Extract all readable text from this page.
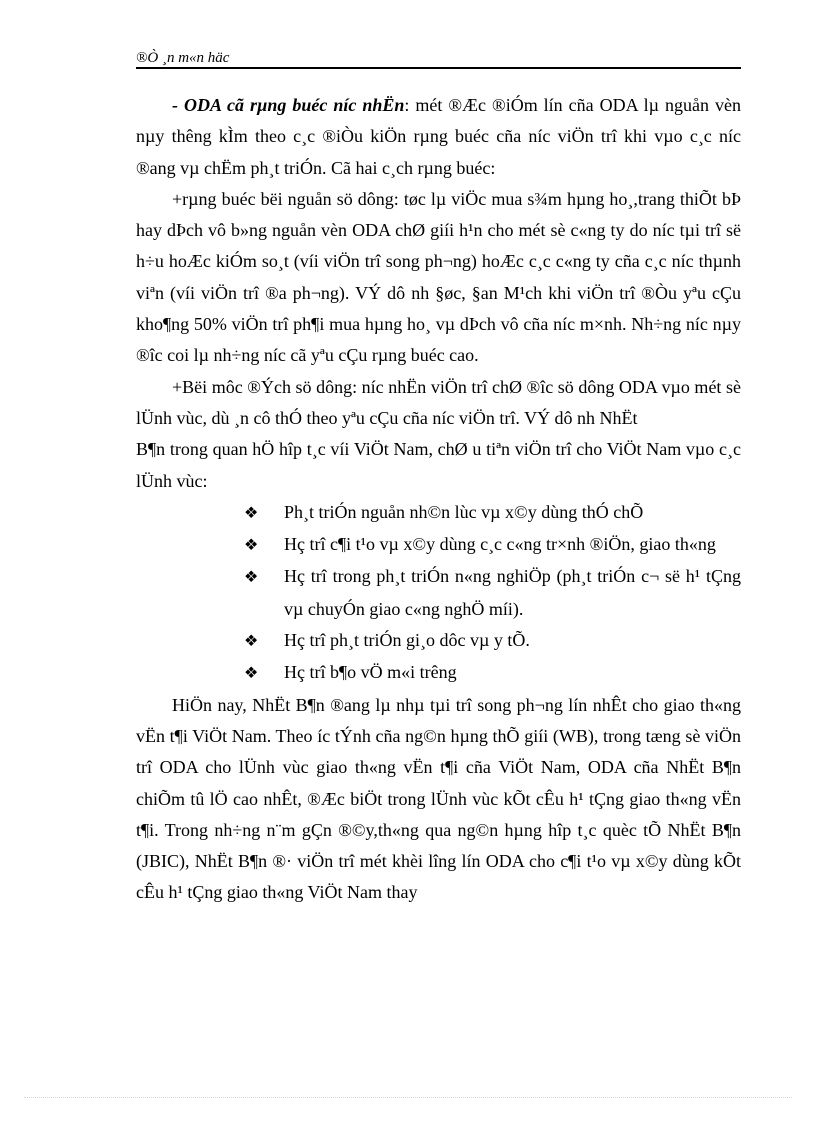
®Ò ¸n m«n häc

- ODA cã rµng buéc níc nhËn: mét ®Æc ®iÓm lín cña ODA lµ nguån vèn nµy thêng kÌm theo c¸c ®iÒu kiÖn rµng buéc cña níc viÖn trî khi vµo c¸c níc ®ang vµ chËm ph¸t triÓn. Cã hai c¸ch rµng buéc:

+rµng buéc bëi nguån sö dông: tøc lµ viÖc mua s¾m hµng ho¸,trang thiÕt bÞ hay dÞch vô b»ng nguån vèn ODA chØ giíi h¹n cho mét sè c«ng ty do níc tµi trî së h÷u hoÆc kiÓm so¸t (víi viÖn trî song ph¬ng) hoÆc c¸c c«ng ty cña c¸c níc thµnh viªn (víi viÖn trî ®a ph¬ng). VÝ dô nh §øc, §an M¹ch khi viÖn trî ®Òu yªu cÇu kho¶ng 50% viÖn trî ph¶i mua hµng ho¸ vµ dÞch vô cña níc m×nh. Nh÷ng níc nµy ®îc coi lµ nh÷ng níc cã yªu cÇu rµng buéc cao.

+Bëi môc ®Ých sö dông: níc nhËn viÖn trî chØ ®îc sö dông ODA vµo mét sè lÜnh vùc, dù ¸n cô thÓ theo yªu cÇu cña níc viÖn trî. VÝ dô nh NhËt

B¶n trong quan hÖ hîp t¸c víi ViÖt Nam, chØ u tiªn viÖn trî cho ViÖt Nam vµo c¸c lÜnh vùc:

❖ Ph¸t triÓn nguån nh©n lùc vµ x©y dùng thÓ chÕ
❖ Hç trî c¶i t¹o vµ x©y dùng c¸c c«ng tr×nh ®iÖn, giao th«ng
❖ Hç trî trong ph¸t triÓn n«ng nghiÖp (ph¸t triÓn c¬ së h¹ tÇng vµ chuyÓn giao c«ng nghÖ míi).
❖ Hç trî ph¸t triÓn gi¸o dôc vµ y tÕ.
❖ Hç trî b¶o vÖ m«i trêng

HiÖn nay, NhËt B¶n ®ang lµ nhµ tµi trî song ph¬ng lín nhÊt cho giao th«ng vËn t¶i ViÖt Nam. Theo íc tÝnh cña ng©n hµng thÕ giíi (WB), trong tæng sè viÖn trî ODA cho lÜnh vùc giao th«ng vËn t¶i cña ViÖt Nam, ODA cña NhËt B¶n chiÕm tû lÖ cao nhÊt, ®Æc biÖt trong lÜnh vùc kÕt cÊu h¹ tÇng giao th«ng vËn t¶i. Trong nh÷ng n¨m gÇn ®©y,th«ng qua ng©n hµng hîp t¸c quèc tÕ NhËt B¶n (JBIC), NhËt B¶n ®· viÖn trî mét khèi lîng lín ODA cho c¶i t¹o vµ x©y dùng kÕt cÊu h¹ tÇng giao th«ng ViÖt Nam thay
